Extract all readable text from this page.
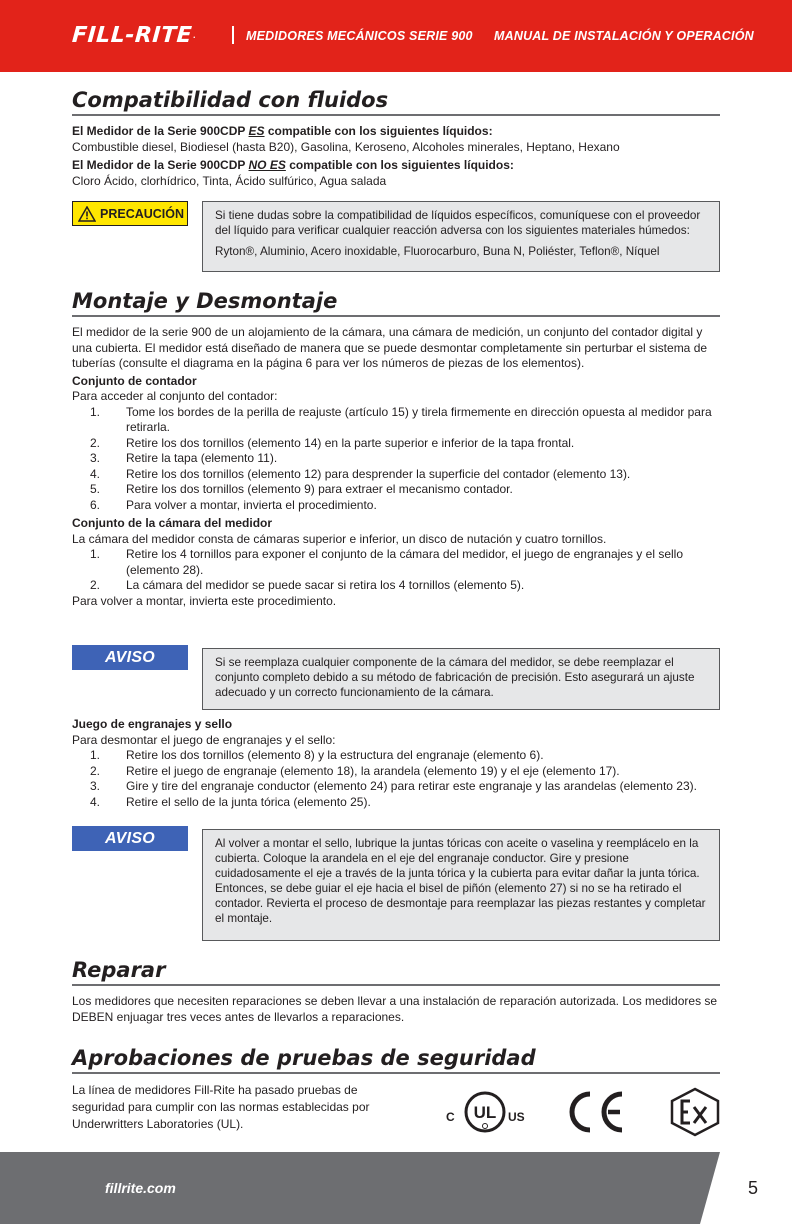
FILL-RITE.	MEDIDORES MECÁNICOS SERIE 900 MANUAL DE INSTALACIÓN Y OPERACIÓN
Compatibilidad con fluidos
El Medidor de la Serie 900CDP ES compatible con los siguientes líquidos:
Combustible diesel, Biodiesel (hasta B20), Gasolina, Keroseno, Alcoholes minerales, Heptano, Hexano
El Medidor de la Serie 900CDP NO ES compatible con los siguientes líquidos:
Cloro Ácido, clorhídrico, Tinta, Ácido sulfúrico, Agua salada
PRECAUCIÓN	Si tiene dudas sobre la compatibilidad de líquidos específicos, comuníquese con el proveedor del líquido para verificar cualquier reacción adversa con los siguientes materiales húmedos:

Ryton®, Aluminio, Acero inoxidable, Fluorocarburo, Buna N, Poliéster, Teflon®, Níquel

Montaje y Desmontaje

El medidor de la serie 900 de un alojamiento de la cámara, una cámara de medición, un conjunto del contador digital y una cubierta. El medidor está diseñado de manera que se puede desmontar completamente sin perturbar el sistema de tuberías (consulte el diagrama en la página 6 para ver los números de piezas de los elementos).

Conjunto de contador

Para acceder al conjunto del contador:

1. Tome los bordes de la perilla de reajuste (artículo 15) y tirela firmemente en dirección opuesta al medidor para retirarla.
2. Retire los dos tornillos (elemento 14) en la parte superior e inferior de la tapa frontal.
3. Retire la tapa (elemento 11).
4. Retire los dos tornillos (elemento 12) para desprender la superficie del contador (elemento 13).
5. Retire los dos tornillos (elemento 9) para extraer el mecanismo contador.
6. Para volver a montar, invierta el procedimiento.

Conjunto de la cámara del medidor

La cámara del medidor consta de cámaras superior e inferior, un disco de nutación y cuatro tornillos.

1. Retire los 4 tornillos para exponer el conjunto de la cámara del medidor, el juego de engranajes y el sello (elemento 28).
2. La cámara del medidor se puede sacar si retira los 4 tornillos (elemento 5).

Para volver a montar, invierta este procedimiento.

AVISO	Si se reemplaza cualquier componente de la cámara del medidor, se debe reemplazar el conjunto completo debido a su método de fabricación de precisión. Esto asegurará un ajuste adecuado y un correcto funcionamiento de la cámara.

Juego de engranajes y sello

Para desmontar el juego de engranajes y el sello:

1. Retire los dos tornillos (elemento 8) y la estructura del engranaje (elemento 6).
2. Retire el juego de engranaje (elemento 18), la arandela (elemento 19) y el eje (elemento 17).
3. Gire y tire del engranaje conductor (elemento 24) para retirar este engranaje y las arandelas (elemento 23).
4. Retire el sello de la junta tórica (elemento 25).
AVISO	Al volver a montar el sello, lubrique la juntas tóricas con aceite o vaselina y reemplácelo en la cubierta. Coloque la arandela en el eje del engranaje conductor. Gire y presione cuidadosamente el eje a través de la junta tórica y la cubierta para evitar dañar la junta tórica. Entonces, se debe guiar el eje hacia el bisel de piñón (elemento 27) si no se ha retirado el contador. Revierta el proceso de desmontaje para reemplazar las piezas restantes y completar el montaje.
Reparar
Los medidores que necesiten reparaciones se deben llevar a una instalación de reparación autorizada. Los medidores se DEBEN enjuagar tres veces antes de llevarlos a reparaciones.
Aprobaciones de pruebas de seguridad
La línea de medidores Fill-Rite ha pasado pruebas de seguridad para cumplir con las normas establecidas por Underwritters Laboratories (UL).
UL
C	US
fillrite.com	5
